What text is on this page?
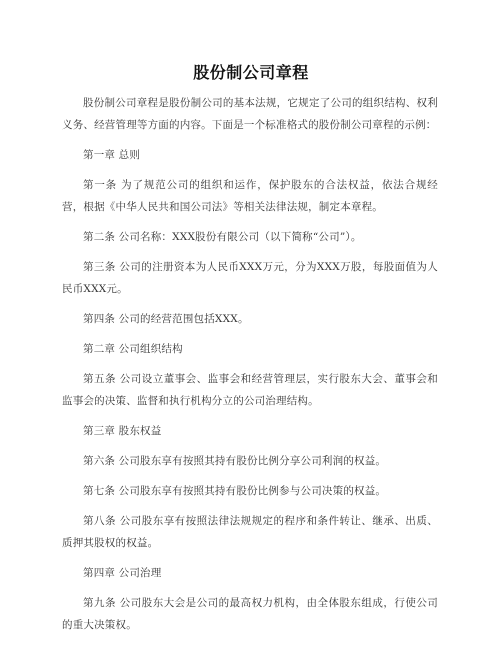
股份制公司章程

股份制公司章程是股份制公司的基本法规，它规定了公司的组织结构、权利义务、经营管理等方面的内容。下面是一个标准格式的股份制公司章程的示例：

第一章 总则

第一条 为了规范公司的组织和运作，保护股东的合法权益，依法合规经营，根据《中华人民共和国公司法》等相关法律法规，制定本章程。

第二条 公司名称：XXX股份有限公司（以下简称“公司”）。

第三条 公司的注册资本为人民币XXX万元，分为XXX万股，每股面值为人民币XXX元。

第四条 公司的经营范围包括XXX。

第二章 公司组织结构

第五条 公司设立董事会、监事会和经营管理层，实行股东大会、董事会和监事会的决策、监督和执行机构分立的公司治理结构。

第三章 股东权益

第六条 公司股东享有按照其持有股份比例分享公司利润的权益。

第七条 公司股东享有按照其持有股份比例参与公司决策的权益。

第八条 公司股东享有按照法律法规规定的程序和条件转让、继承、出质、质押其股权的权益。

第四章 公司治理

第九条 公司股东大会是公司的最高权力机构，由全体股东组成，行使公司的重大决策权。
